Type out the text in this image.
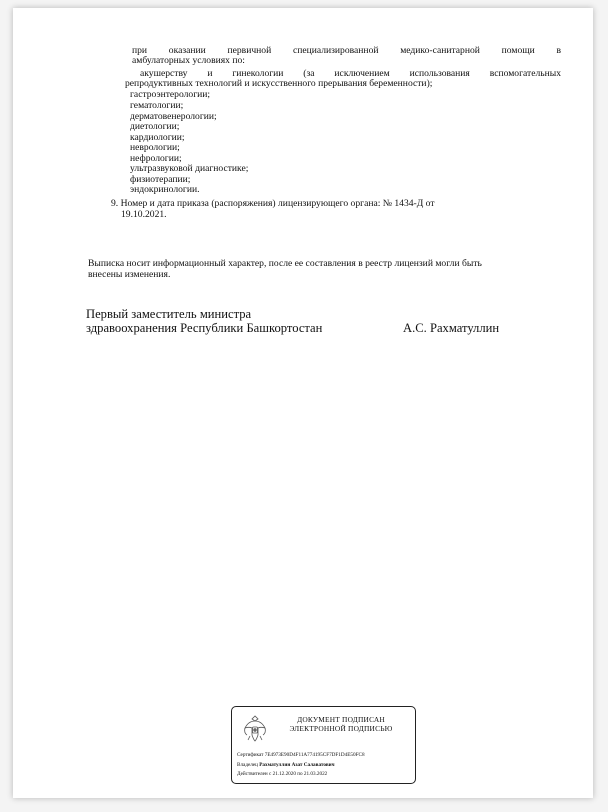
при оказании первичной специализированной медико-санитарной помощи в
амбулаторных условиях по:
акушерству и гинекологии (за исключением использования вспомогательных
репродуктивных технологий и искусственного прерывания беременности);
гастроэнтерологии;
гематологии;
дерматовенерологии;
диетологии;
кардиологии;
неврологии;
нефрологии;
ультразвуковой диагностике;
физиотерапии;
эндокринологии.
9. Номер и дата приказа (распоряжения) лицензирующего органа: № 1434-Д от
19.10.2021.
Выписка носит информационный характер, после ее составления в реестр лицензий могли быть
внесены изменения.
Первый заместитель министра
здравоохранения Республики Башкортостан	А.С. Рахматуллин
ДОКУМЕНТ ПОДПИСАН
ЭЛЕКТРОННОЙ ПОДПИСЬЮ
Сертификат 7E4973E90D4F11A774195CF7DF1D4E50FC8
Владелец Рахматуллин Азат Салаватович
Действителен с 21.12.2020 по 21.03.2022
